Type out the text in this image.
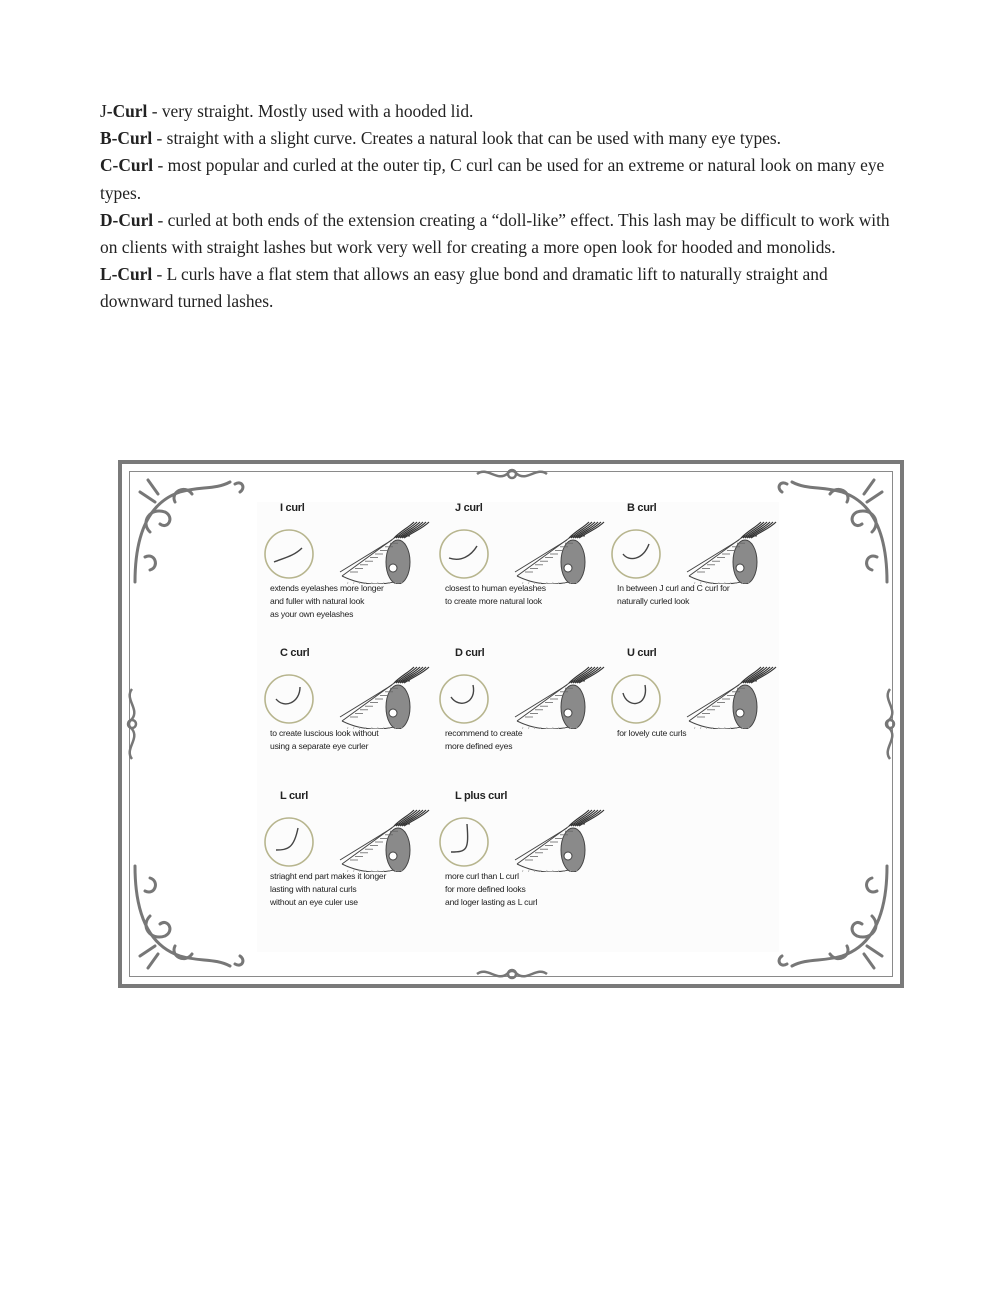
J-Curl - very straight. Mostly used with a hooded lid.

B-Curl - straight with a slight curve. Creates a natural look that can be used with many eye types.

C-Curl - most popular and curled at the outer tip, C curl can be used for an extreme or natural look on many eye types.

D-Curl - curled at both ends of the extension creating a “doll-like” effect. This lash may be difficult to work with on clients with straight lashes but work very well for creating a more open look for hooded and monolids.

L-Curl - L curls have a flat stem that allows an easy glue bond and dramatic lift to naturally straight and downward turned lashes.

I curl
extends eyelashes more longer
and fuller with natural look
as your own eyelashes
J curl
closest to human eyelashes
to create more natural look
B curl
In between J curl and C curl for
naturally curled look
C curl
to create luscious look without
using a separate eye curler
D curl
recommend to create
more defined eyes
U curl
for lovely cute curls
L curl
striaght end part makes it longer
lasting with natural curls
without an eye culer use
L plus curl
more curl than L curl
for more defined looks
and loger lasting as L curl
